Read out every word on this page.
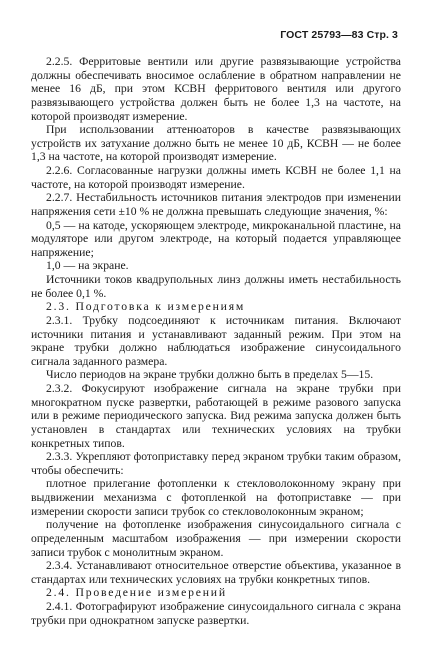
ГОСТ 25793—83 Стр. 3

2.2.5. Ферритовые вентили или другие развязывающие устройства должны обеспечивать вносимое ослабление в обратном направлении не менее 16 дБ, при этом КСВН ферритового вентиля или другого развязывающего устройства должен быть не более 1,3 на частоте, на которой производят измерение.

При использовании аттенюаторов в качестве развязывающих устройств их затухание должно быть не менее 10 дБ, КСВН — не более 1,3 на частоте, на которой производят измерение.

2.2.6. Согласованные нагрузки должны иметь КСВН не более 1,1 на частоте, на которой производят измерение.

2.2.7. Нестабильность источников питания электродов при изменении напряжения сети ±10 % не должна превышать следующие значения, %:

0,5 — на катоде, ускоряющем электроде, микроканальной пластине, на модуляторе или другом электроде, на который подается управляющее напряжение;

1,0 — на экране.

Источники токов квадрупольных линз должны иметь нестабильность не более 0,1 %.

2.3. Подготовка к измерениям

2.3.1. Трубку подсоединяют к источникам питания. Включают источники питания и устанавливают заданный режим. При этом на экране трубки должно наблюдаться изображение синусоидального сигнала заданного размера.

Число периодов на экране трубки должно быть в пределах 5—15.

2.3.2. Фокусируют изображение сигнала на экране трубки при многократном пуске развертки, работающей в режиме разового запуска или в режиме периодического запуска. Вид режима запуска должен быть установлен в стандартах или технических условиях на трубки конкретных типов.

2.3.3. Укрепляют фотоприставку перед экраном трубки таким образом, чтобы обеспечить:

плотное прилегание фотопленки к стекловолоконному экрану при выдвижении механизма с фотопленкой на фотоприставке — при измерении скорости записи трубок со стекловолоконным экраном;

получение на фотопленке изображения синусоидального сигнала с определенным масштабом изображения — при измерении скорости записи трубок с монолитным экраном.

2.3.4. Устанавливают относительное отверстие объектива, указанное в стандартах или технических условиях на трубки конкретных типов.

2.4. Проведение измерений

2.4.1. Фотографируют изображение синусоидального сигнала с экрана трубки при однократном запуске развертки.
